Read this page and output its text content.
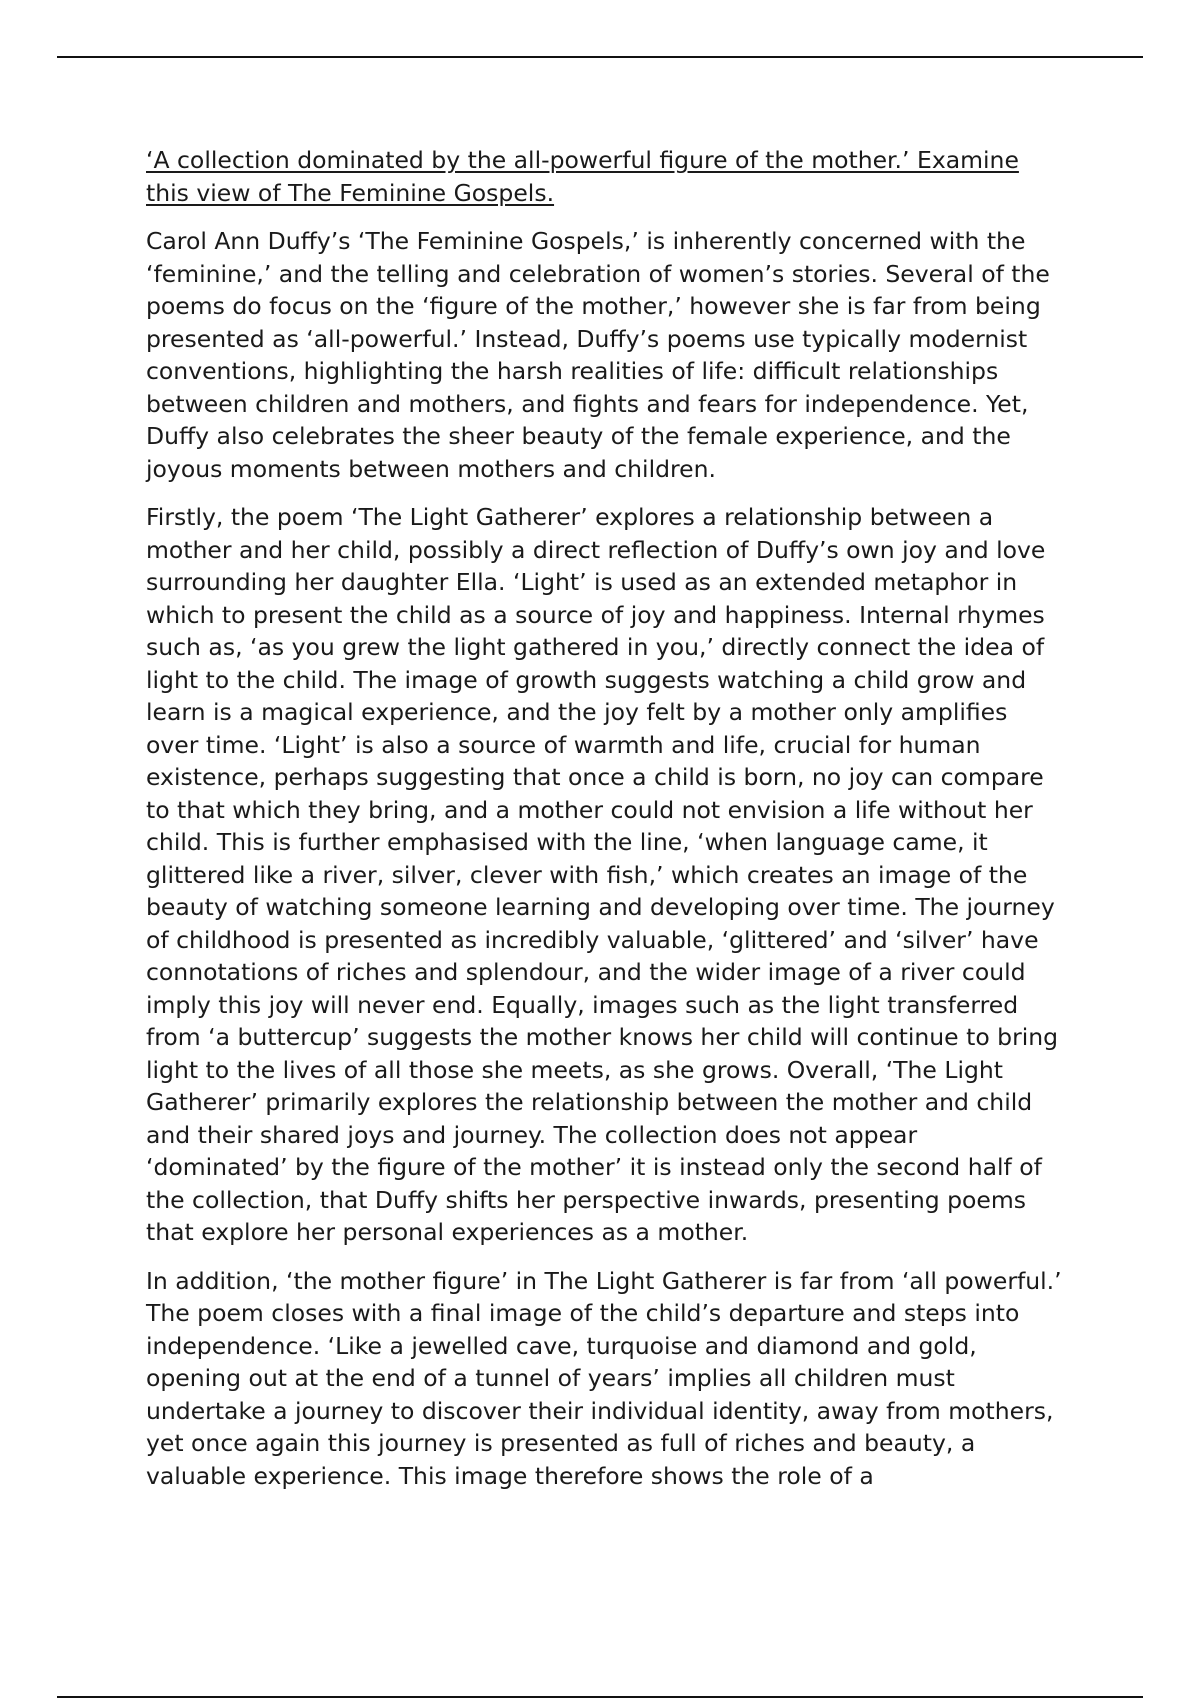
‘A collection dominated by the all-powerful figure of the mother.’ Examine this view of The Feminine Gospels.

Carol Ann Duffy’s ‘The Feminine Gospels,’ is inherently concerned with the ‘feminine,’ and the telling and celebration of women’s stories. Several of the poems do focus on the ‘figure of the mother,’ however she is far from being presented as ‘all-powerful.’ Instead, Duffy’s poems use typically modernist conventions, highlighting the harsh realities of life: difficult relationships between children and mothers, and fights and fears for independence. Yet, Duffy also celebrates the sheer beauty of the female experience, and the joyous moments between mothers and children.

Firstly, the poem ‘The Light Gatherer’ explores a relationship between a mother and her child, possibly a direct reflection of Duffy’s own joy and love surrounding her daughter Ella. ‘Light’ is used as an extended metaphor in which to present the child as a source of joy and happiness. Internal rhymes such as, ‘as you grew the light gathered in you,’ directly connect the idea of light to the child. The image of growth suggests watching a child grow and learn is a magical experience, and the joy felt by a mother only amplifies over time. ‘Light’ is also a source of warmth and life, crucial for human existence, perhaps suggesting that once a child is born, no joy can compare to that which they bring, and a mother could not envision a life without her child. This is further emphasised with the line, ‘when language came, it glittered like a river, silver, clever with fish,’ which creates an image of the beauty of watching someone learning and developing over time. The journey of childhood is presented as incredibly valuable, ‘glittered’ and ‘silver’ have connotations of riches and splendour, and the wider image of a river could imply this joy will never end. Equally, images such as the light transferred from ‘a buttercup’ suggests the mother knows her child will continue to bring light to the lives of all those she meets, as she grows. Overall, ‘The Light Gatherer’ primarily explores the relationship between the mother and child and their shared joys and journey. The collection does not appear ‘dominated’ by the figure of the mother’ it is instead only the second half of the collection, that Duffy shifts her perspective inwards, presenting poems that explore her personal experiences as a mother.

In addition, ‘the mother figure’ in The Light Gatherer is far from ‘all powerful.’ The poem closes with a final image of the child’s departure and steps into independence. ‘Like a jewelled cave, turquoise and diamond and gold, opening out at the end of a tunnel of years’ implies all children must undertake a journey to discover their individual identity, away from mothers, yet once again this journey is presented as full of riches and beauty, a valuable experience. This image therefore shows the role of a
